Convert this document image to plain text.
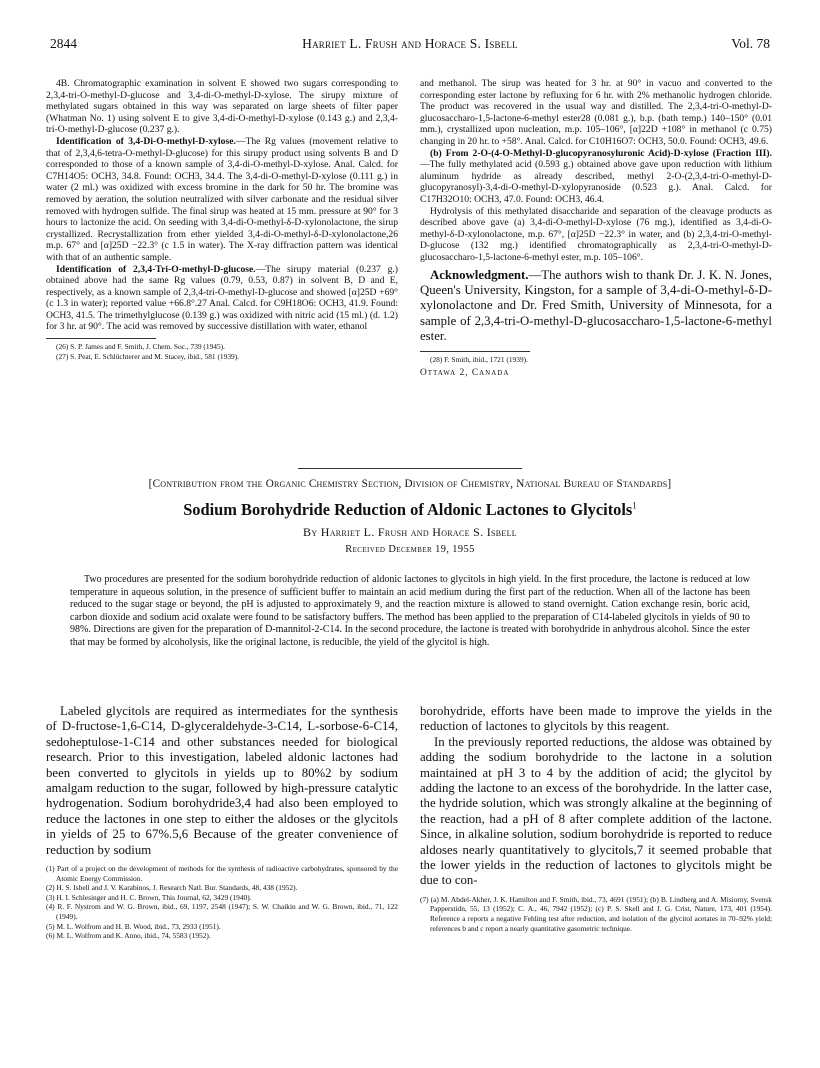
2844	Harriet L. Frush and Horace S. Isbell	Vol. 78

4B. Chromatographic examination in solvent E showed two sugars corresponding to 2,3,4-tri-O-methyl-D-glucose and 3,4-di-O-methyl-D-xylose. The sirupy mixture of methylated sugars obtained in this way was separated on large sheets of filter paper (Whatman No. 1) using solvent E to give 3,4-di-O-methyl-D-xylose (0.143 g.) and 2,3,4-tri-O-methyl-D-glucose (0.237 g.).

Identification of 3,4-Di-O-methyl-D-xylose.—The Rg values (movement relative to that of 2,3,4,6-tetra-O-methyl-D-glucose) for this sirupy product using solvents B and D corresponded to those of a known sample of 3,4-di-O-methyl-D-xylose. Anal. Calcd. for C7H14O5: OCH3, 34.8. Found: OCH3, 34.4. The 3,4-di-O-methyl-D-xylose (0.111 g.) in water (2 ml.) was oxidized with excess bromine in the dark for 50 hr. The bromine was removed by aeration, the solution neutralized with silver carbonate and the residual silver removed with hydrogen sulfide. The final sirup was heated at 15 mm. pressure at 90° for 3 hours to lactonize the acid. On seeding with 3,4-di-O-methyl-δ-D-xylonolactone, the sirup crystallized. Recrystallization from ether yielded 3,4-di-O-methyl-δ-D-xylonolactone,26 m.p. 67° and [α]25D −22.3° (c 1.5 in water). The X-ray diffraction pattern was identical with that of an authentic sample.

Identification of 2,3,4-Tri-O-methyl-D-glucose.—The sirupy material (0.237 g.) obtained above had the same Rg values (0.79, 0.53, 0.87) in solvent B, D and E, respectively, as a known sample of 2,3,4-tri-O-methyl-D-glucose and showed [α]25D +69° (c 1.3 in water); reported value +66.8°.27 Anal. Calcd. for C9H18O6: OCH3, 41.9. Found: OCH3, 41.5. The trimethylglucose (0.139 g.) was oxidized with nitric acid (15 ml.) (d. 1.2) for 3 hr. at 90°. The acid was removed by successive distillation with water, ethanol

(26) S. P. James and F. Smith, J. Chem. Soc., 739 (1945).

(27) S. Peat, E. Schlüchterer and M. Stacey, ibid., 581 (1939).

and methanol. The sirup was heated for 3 hr. at 90° in vacuo and converted to the corresponding ester lactone by refluxing for 6 hr. with 2% methanolic hydrogen chloride. The product was recovered in the usual way and distilled. The 2,3,4-tri-O-methyl-D-glucosaccharo-1,5-lactone-6-methyl ester28 (0.081 g.), b.p. (bath temp.) 140–150° (0.01 mm.), crystallized upon nucleation, m.p. 105–106°, [α]22D +108° in methanol (c 0.75) changing in 20 hr. to +58°. Anal. Calcd. for C10H16O7: OCH3, 50.0. Found: OCH3, 49.6.

(b) From 2-O-(4-O-Methyl-D-glucopyranosyluronic Acid)-D-xylose (Fraction III).—The fully methylated acid (0.593 g.) obtained above gave upon reduction with lithium aluminum hydride as already described, methyl 2-O-(2,3,4-tri-O-methyl-D-glucopyranosyl)-3,4-di-O-methyl-D-xylopyranoside (0.523 g.). Anal. Calcd. for C17H32O10: OCH3, 47.0. Found: OCH3, 46.4.

Hydrolysis of this methylated disaccharide and separation of the cleavage products as described above gave (a) 3,4-di-O-methyl-D-xylose (76 mg.), identified as 3,4-di-O-methyl-δ-D-xylonolactone, m.p. 67°, [α]25D −22.3° in water, and (b) 2,3,4-tri-O-methyl-D-glucose (132 mg.) identified chromatographically as 2,3,4-tri-O-methyl-D-glucosaccharo-1,5-lactone-6-methyl ester, m.p. 105–106°.

Acknowledgment.—The authors wish to thank Dr. J. K. N. Jones, Queen's University, Kingston, for a sample of 3,4-di-O-methyl-δ-D-xylonolactone and Dr. Fred Smith, University of Minnesota, for a sample of 2,3,4-tri-O-methyl-D-glucosaccharo-1,5-lactone-6-methyl ester.

(28) F. Smith, ibid., 1721 (1939).

Ottawa 2, Canada

[Contribution from the Organic Chemistry Section, Division of Chemistry, National Bureau of Standards]
Sodium Borohydride Reduction of Aldonic Lactones to Glycitols$^1$
By Harriet L. Frush and Horace S. Isbell
Received December 19, 1955

Two procedures are presented for the sodium borohydride reduction of aldonic lactones to glycitols in high yield. In the first procedure, the lactone is reduced at low temperature in aqueous solution, in the presence of sufficient buffer to maintain an acid medium during the first part of the reduction. When all of the lactone has been reduced to the sugar stage or beyond, the pH is adjusted to approximately 9, and the reaction mixture is allowed to stand overnight. Cation exchange resin, boric acid, carbon dioxide and sodium acid oxalate were found to be satisfactory buffers. The method has been applied to the preparation of C14-labeled glycitols in yields of 90 to 98%. Directions are given for the preparation of D-mannitol-2-C14. In the second procedure, the lactone is treated with borohydride in anhydrous alcohol. Since the ester that may be formed by alcoholysis, like the original lactone, is reducible, the yield of the glycitol is high.

Labeled glycitols are required as intermediates for the synthesis of D-fructose-1,6-C14, D-glyceraldehyde-3-C14, L-sorbose-6-C14, sedoheptulose-1-C14 and other substances needed for biological research. Prior to this investigation, labeled aldonic lactones had been converted to glycitols in yields up to 80%2 by sodium amalgam reduction to the sugar, followed by high-pressure catalytic hydrogenation. Sodium borohydride3,4 had also been employed to reduce the lactones in one step to either the aldoses or the glycitols in yields of 25 to 67%.5,6 Because of the greater convenience of reduction by sodium

(1) Part of a project on the development of methods for the synthesis of radioactive carbohydrates, sponsored by the Atomic Energy Commission.

(2) H. S. Isbell and J. V. Karabinos, J. Research Natl. Bur. Standards, 48, 438 (1952).

(3) H. I. Schlesinger and H. C. Brown, This Journal, 62, 3429 (1940).

(4) R. F. Nystrom and W. G. Brown, ibid., 69, 1197, 2548 (1947); S. W. Chaikin and W. G. Brown, ibid., 71, 122 (1949).

(5) M. L. Wolfrom and H. B. Wood, ibid., 73, 2933 (1951).

(6) M. L. Wolfrom and K. Anno, ibid., 74, 5583 (1952).

borohydride, efforts have been made to improve the yields in the reduction of lactones to glycitols by this reagent.

In the previously reported reductions, the aldose was obtained by adding the sodium borohydride to the lactone in a solution maintained at pH 3 to 4 by the addition of acid; the glycitol by adding the lactone to an excess of the borohydride. In the latter case, the hydride solution, which was strongly alkaline at the beginning of the reaction, had a pH of 8 after complete addition of the lactone. Since, in alkaline solution, sodium borohydride is reported to reduce aldoses nearly quantitatively to glycitols,7 it seemed probable that the lower yields in the reduction of lactones to glycitols might be due to con-

(7) (a) M. Abdel-Akher, J. K. Hamilton and F. Smith, ibid., 73, 4691 (1951); (b) B. Lindberg and A. Misiorny, Svensk Papperstidn, 55, 13 (1952); C. A., 46, 7942 (1952); (c) P. S. Skell and J. G. Crist, Nature, 173, 401 (1954). Reference a reports a negative Fehling test after reduction, and isolation of the glycitol acetates in 70–92% yield; references b and c report a nearly quantitative gasometric technique.
